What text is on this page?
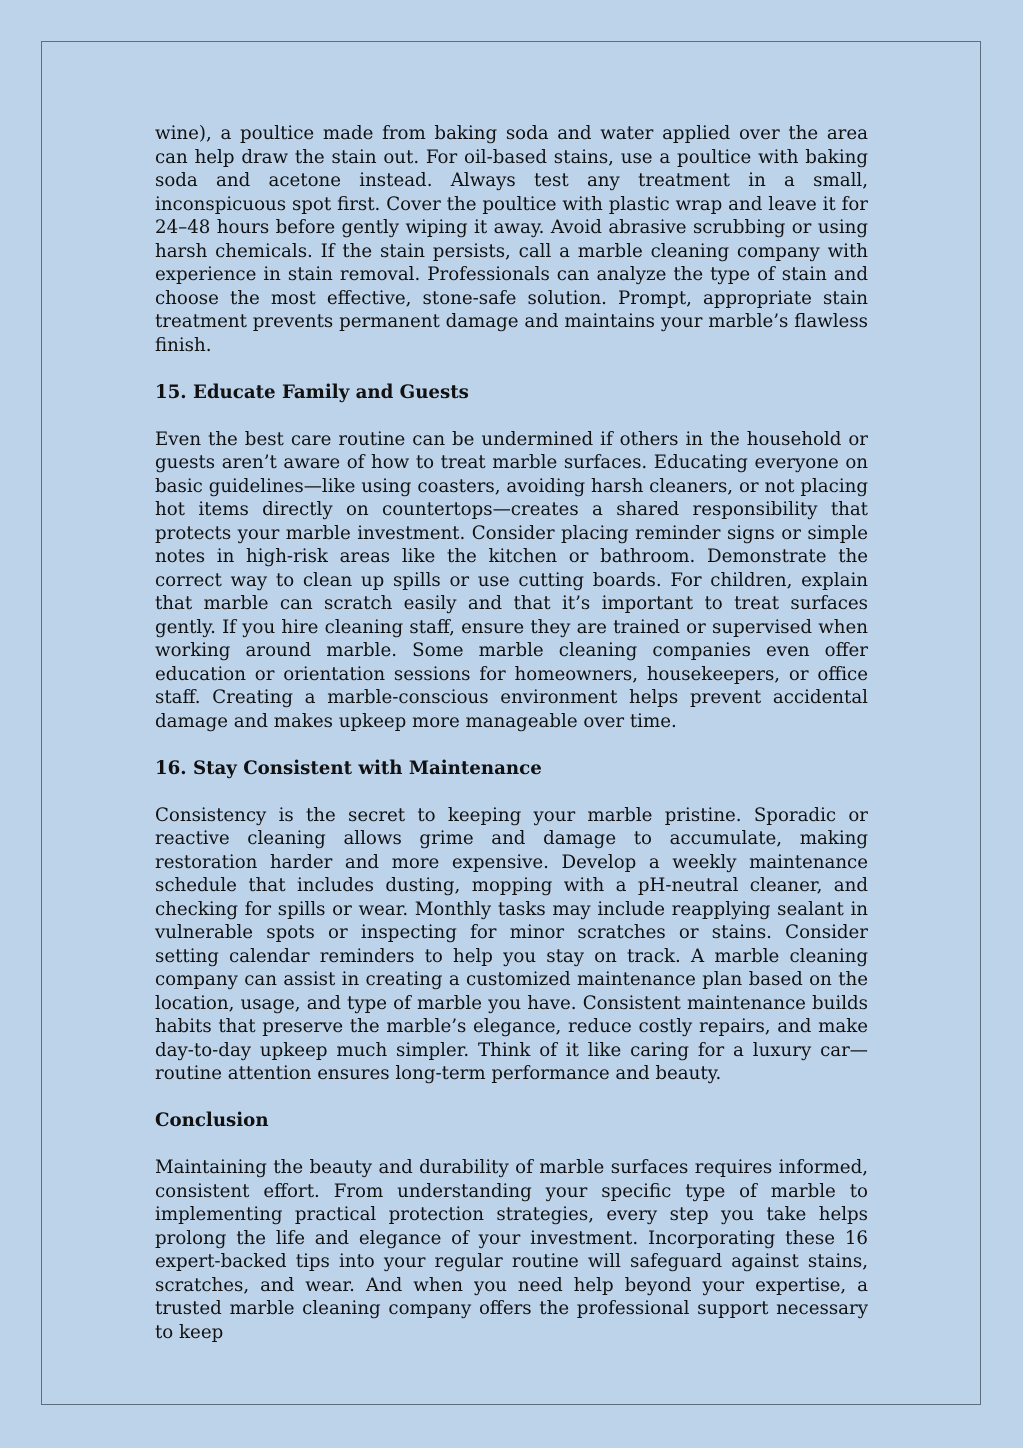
wine), a poultice made from baking soda and water applied over the area can help draw the stain out. For oil-based stains, use a poultice with baking soda and acetone instead. Always test any treatment in a small, inconspicuous spot first. Cover the poultice with plastic wrap and leave it for 24–48 hours before gently wiping it away. Avoid abrasive scrubbing or using harsh chemicals. If the stain persists, call a marble cleaning company with experience in stain removal. Professionals can analyze the type of stain and choose the most effective, stone-safe solution. Prompt, appropriate stain treatment prevents permanent damage and maintains your marble’s flawless finish.

15. Educate Family and Guests

Even the best care routine can be undermined if others in the household or guests aren’t aware of how to treat marble surfaces. Educating everyone on basic guidelines—like using coasters, avoiding harsh cleaners, or not placing hot items directly on countertops—creates a shared responsibility that protects your marble investment. Consider placing reminder signs or simple notes in high-risk areas like the kitchen or bathroom. Demonstrate the correct way to clean up spills or use cutting boards. For children, explain that marble can scratch easily and that it’s important to treat surfaces gently. If you hire cleaning staff, ensure they are trained or supervised when working around marble. Some marble cleaning companies even offer education or orientation sessions for homeowners, housekeepers, or office staff. Creating a marble-conscious environment helps prevent accidental damage and makes upkeep more manageable over time.

16. Stay Consistent with Maintenance

Consistency is the secret to keeping your marble pristine. Sporadic or reactive cleaning allows grime and damage to accumulate, making restoration harder and more expensive. Develop a weekly maintenance schedule that includes dusting, mopping with a pH-neutral cleaner, and checking for spills or wear. Monthly tasks may include reapplying sealant in vulnerable spots or inspecting for minor scratches or stains. Consider setting calendar reminders to help you stay on track. A marble cleaning company can assist in creating a customized maintenance plan based on the location, usage, and type of marble you have. Consistent maintenance builds habits that preserve the marble’s elegance, reduce costly repairs, and make day-to-day upkeep much simpler. Think of it like caring for a luxury car—routine attention ensures long-term performance and beauty.

Conclusion

Maintaining the beauty and durability of marble surfaces requires informed, consistent effort. From understanding your specific type of marble to implementing practical protection strategies, every step you take helps prolong the life and elegance of your investment. Incorporating these 16 expert-backed tips into your regular routine will safeguard against stains, scratches, and wear. And when you need help beyond your expertise, a trusted marble cleaning company offers the professional support necessary to keep
